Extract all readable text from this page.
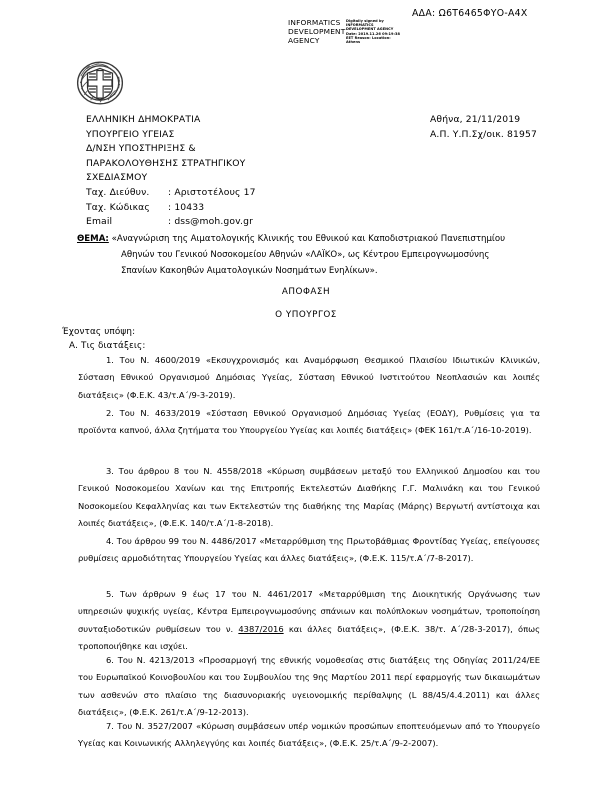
ΑΔΑ: Ω6Τ6465ΦΥΟ-Α4Χ
INFORMATICS DEVELOPMENT AGENCY
Digitally signed by INFORMATICS DEVELOPMENT AGENCY Date: 2019.11.26 09:19:38 EET Reason: Location: Athens
ΕΛΛΗΝΙΚΗ ΔΗΜΟΚΡΑΤΙΑ
ΥΠΟΥΡΓΕΙΟ ΥΓΕΙΑΣ
Δ/ΝΣΗ ΥΠΟΣΤΗΡΙΞΗΣ &
ΠΑΡΑΚΟΛΟΥΘΗΣΗΣ ΣΤΡΑΤΗΓΙΚΟΥ
ΣΧΕΔΙΑΣΜΟΥ
Ταχ. Διεύθυν.	: Αριστοτέλους 17
Ταχ. Κώδικας	: 10433
Email	: dss@moh.gov.gr
Αθήνα, 21/11/2019
Α.Π. Υ.Π.Σχ/οικ. 81957
ΘΕΜΑ: «Αναγνώριση της Αιματολογικής Κλινικής του Εθνικού και Καποδιστριακού Πανεπιστημίου
Αθηνών του Γενικού Νοσοκομείου Αθηνών «ΛΑΪΚΟ», ως Κέντρου Εμπειρογνωμοσύνης
Σπανίων Κακοηθών Αιματολογικών Νοσημάτων Ενηλίκων».
ΑΠΟΦΑΣΗ
Ο ΥΠΟΥΡΓΟΣ
Έχοντας υπόψη:
Α. Τις διατάξεις:
1. Του Ν. 4600/2019 «Εκσυγχρονισμός και Αναμόρφωση Θεσμικού Πλαισίου Ιδιωτικών Κλινικών, Σύσταση Εθνικού Οργανισμού Δημόσιας Υγείας, Σύσταση Εθνικού Ινστιτούτου Νεοπλασιών και λοιπές διατάξεις» (Φ.Ε.Κ. 43/τ.Α΄/9-3-2019).
2. Του Ν. 4633/2019 «Σύσταση Εθνικού Οργανισμού Δημόσιας Υγείας (ΕΟΔΥ), Ρυθμίσεις για τα προϊόντα καπνού, άλλα ζητήματα του Υπουργείου Υγείας και λοιπές διατάξεις» (ΦΕΚ 161/τ.Α΄/16-10-2019).
3. Του άρθρου 8 του Ν. 4558/2018 «Κύρωση συμβάσεων μεταξύ του Ελληνικού Δημοσίου και του Γενικού Νοσοκομείου Χανίων και της Επιτροπής Εκτελεστών Διαθήκης Γ.Γ. Μαλινάκη και του Γενικού Νοσοκομείου Κεφαλληνίας και των Εκτελεστών της διαθήκης της Μαρίας (Μάρης) Βεργωτή αντίστοιχα και λοιπές διατάξεις», (Φ.Ε.Κ. 140/τ.Α΄/1-8-2018).
4. Του άρθρου 99 του Ν. 4486/2017 «Μεταρρύθμιση της Πρωτοβάθμιας Φροντίδας Υγείας, επείγουσες ρυθμίσεις αρμοδιότητας Υπουργείου Υγείας και άλλες διατάξεις», (Φ.Ε.Κ. 115/τ.Α΄/7-8-2017).
5. Των άρθρων 9 έως 17 του Ν. 4461/2017 «Μεταρρύθμιση της Διοικητικής Οργάνωσης των υπηρεσιών ψυχικής υγείας, Κέντρα Εμπειρογνωμοσύνης σπάνιων και πολύπλοκων νοσημάτων, τροποποίηση συνταξιοδοτικών ρυθμίσεων του ν. 4387/2016 και άλλες διατάξεις», (Φ.Ε.Κ. 38/τ. Α΄/28-3-2017), όπως τροποποιήθηκε και ισχύει.
6. Του Ν. 4213/2013 «Προσαρμογή της εθνικής νομοθεσίας στις διατάξεις της Οδηγίας 2011/24/ΕΕ του Ευρωπαϊκού Κοινοβουλίου και του Συμβουλίου της 9ης Μαρτίου 2011 περί εφαρμογής των δικαιωμάτων των ασθενών στο πλαίσιο της διασυνοριακής υγειονομικής περίθαλψης (L 88/45/4.4.2011) και άλλες διατάξεις», (Φ.Ε.Κ. 261/τ.Α΄/9-12-2013).
7. Του Ν. 3527/2007 «Κύρωση συμβάσεων υπέρ νομικών προσώπων εποπτευόμενων από το Υπουργείο Υγείας και Κοινωνικής Αλληλεγγύης και λοιπές διατάξεις», (Φ.Ε.Κ. 25/τ.Α΄/9-2-2007).
